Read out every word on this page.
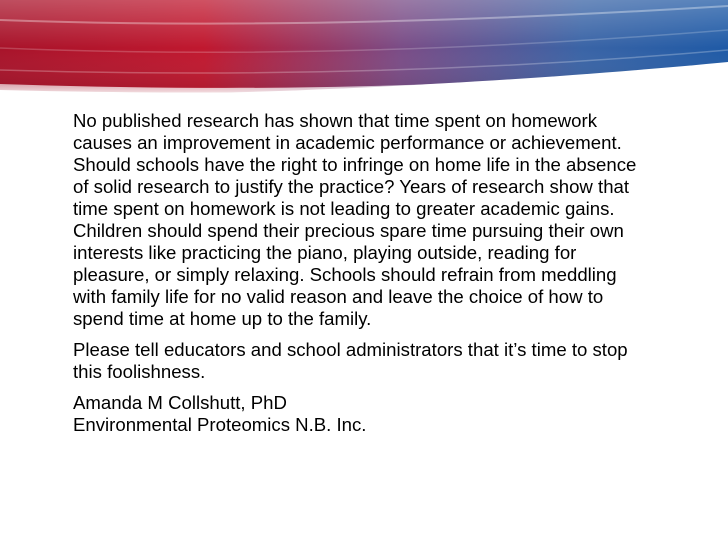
No published research has shown that time spent on homework causes an improvement in academic performance or achievement. Should schools have the right to infringe on home life in the absence of solid research to justify the practice? Years of research show that time spent on homework is not leading to greater academic gains. Children should spend their precious spare time pursuing their own interests like practicing the piano, playing outside, reading for pleasure, or simply relaxing. Schools should refrain from meddling with family life for no valid reason and leave the choice of how to spend time at home up to the family.

Please tell educators and school administrators that it’s time to stop this foolishness.

Amanda M Collshutt, PhD
Environmental Proteomics N.B. Inc.
